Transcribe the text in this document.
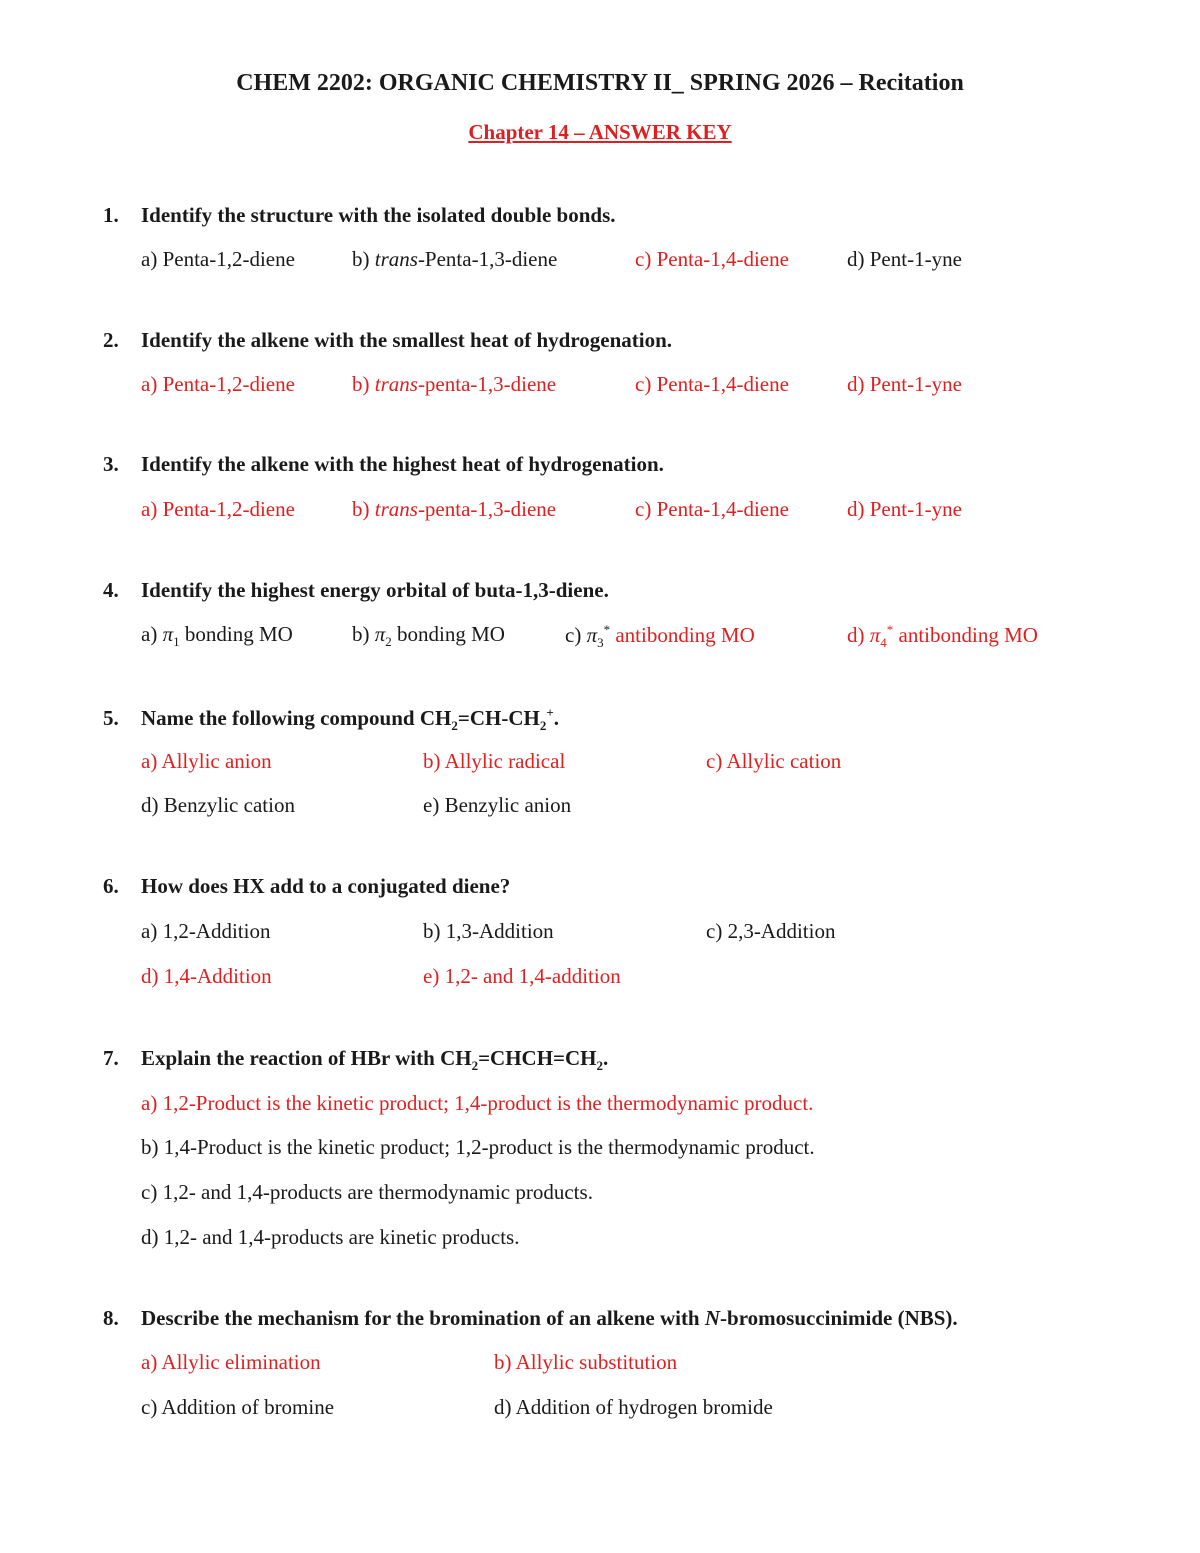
CHEM 2202: ORGANIC CHEMISTRY II_ SPRING 2026 – Recitation
Chapter 14 – ANSWER KEY
1. Identify the structure with the isolated double bonds.
a) Penta-1,2-diene	b) trans-Penta-1,3-diene	c) Penta-1,4-diene	d) Pent-1-yne
2. Identify the alkene with the smallest heat of hydrogenation.
a) Penta-1,2-diene	b) trans-penta-1,3-diene	c) Penta-1,4-diene	d) Pent-1-yne
3. Identify the alkene with the highest heat of hydrogenation.
a) Penta-1,2-diene	b) trans-penta-1,3-diene	c) Penta-1,4-diene	d) Pent-1-yne
4. Identify the highest energy orbital of buta-1,3-diene.
a) $\pi_1$ bonding MO	b) $\pi_2$ bonding MO	c) $\pi_3^*$ antibonding MO	d) $\pi_4^*$ antibonding MO
5. Name the following compound $CH_2=CH-CH_2^+$.
a) Allylic anion	b) Allylic radical	c) Allylic cation
d) Benzylic cation	e) Benzylic anion
6. How does HX add to a conjugated diene?
a) 1,2-Addition	b) 1,3-Addition	c) 2,3-Addition
d) 1,4-Addition	e) 1,2- and 1,4-addition
7. Explain the reaction of HBr with $CH_2=CHCH=CH_2$.
a) 1,2-Product is the kinetic product; 1,4-product is the thermodynamic product.
b) 1,4-Product is the kinetic product; 1,2-product is the thermodynamic product.
c) 1,2- and 1,4-products are thermodynamic products.
d) 1,2- and 1,4-products are kinetic products.
8. Describe the mechanism for the bromination of an alkene with N-bromosuccinimide (NBS).
a) Allylic elimination	b) Allylic substitution
c) Addition of bromine	d) Addition of hydrogen bromide
